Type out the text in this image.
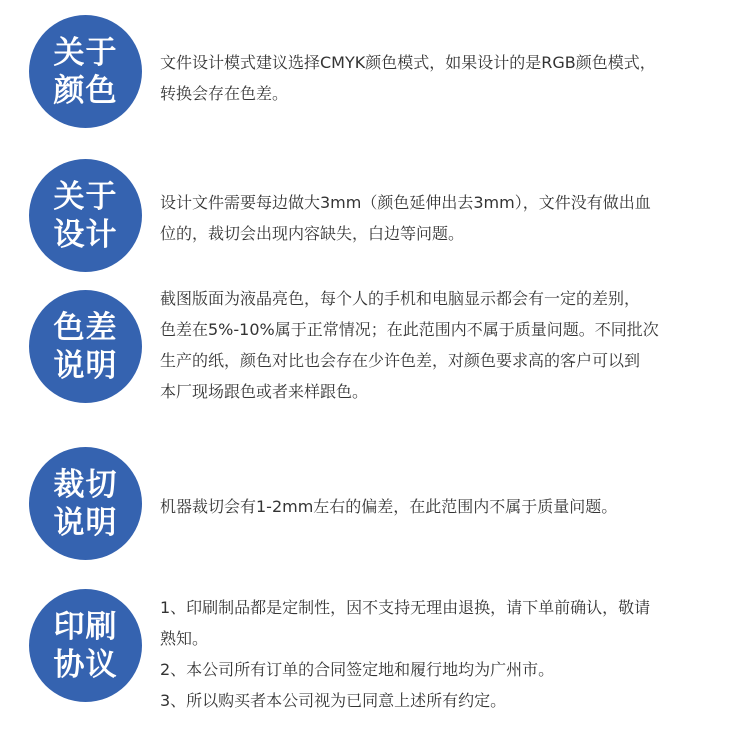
关于
颜色

文件设计模式建议选择CMYK颜色模式，如果设计的是RGB颜色模式，

转换会存在色差。

关于
设计

设计文件需要每边做大3mm（颜色延伸出去3mm），文件没有做出血

位的，裁切会出现内容缺失，白边等问题。

色差
说明

截图版面为液晶亮色，每个人的手机和电脑显示都会有一定的差别，

色差在5%-10%属于正常情况；在此范围内不属于质量问题。不同批次

生产的纸，颜色对比也会存在少许色差，对颜色要求高的客户可以到

本厂现场跟色或者来样跟色。

裁切
说明	机器裁切会有1-2mm左右的偏差，在此范围内不属于质量问题。

印刷
协议

1、印刷制品都是定制性，因不支持无理由退换，请下单前确认，敬请

熟知。

2、本公司所有订单的合同签定地和履行地均为广州市。

3、所以购买者本公司视为已同意上述所有约定。
